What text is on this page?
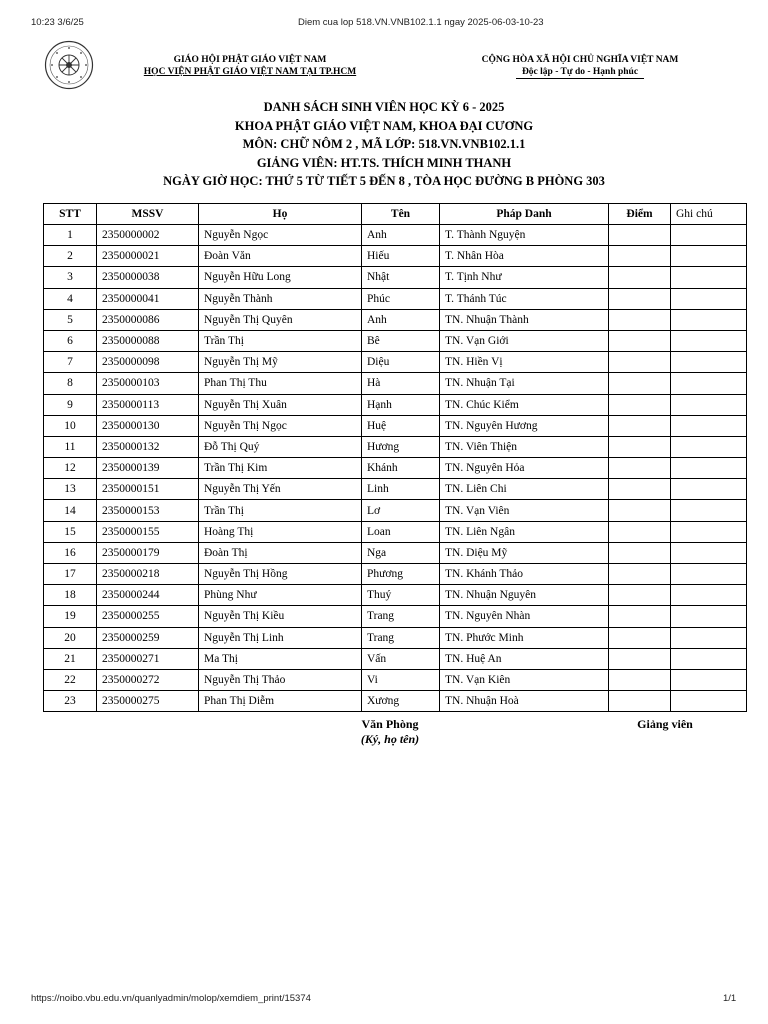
10:23 3/6/25	Diem cua lop 518.VN.VNB102.1.1 ngay 2025-06-03-10-23
GIÁO HỘI PHẬT GIÁO VIỆT NAM
HỌC VIỆN PHẬT GIÁO VIỆT NAM TẠI TP.HCM
CỘNG HÒA XÃ HỘI CHỦ NGHĨA VIỆT NAM
Độc lập - Tự do - Hạnh phúc
DANH SÁCH SINH VIÊN HỌC KỲ 6 - 2025
KHOA PHẬT GIÁO VIỆT NAM, KHOA ĐẠI CƯƠNG
MÔN: CHỮ NÔM 2 , MÃ LỚP: 518.VN.VNB102.1.1
GIẢNG VIÊN: HT.TS. THÍCH MINH THANH
NGÀY GIỜ HỌC: THỨ 5 TỪ TIẾT 5 ĐẾN 8 , TÒA HỌC ĐƯỜNG B PHÒNG 303
STT	MSSV	Họ	Tên	Pháp Danh	Điểm	Ghi chú
1	2350000002	Nguyễn Ngọc	Anh	T. Thành Nguyện		
2	2350000021	Đoàn Văn	Hiếu	T. Nhân Hòa		
3	2350000038	Nguyễn Hữu Long	Nhật	T. Tịnh Như		
4	2350000041	Nguyễn Thành	Phúc	T. Thánh Túc		
5	2350000086	Nguyễn Thị Quyên	Anh	TN. Nhuận Thành		
6	2350000088	Trần Thị	Bê	TN. Vạn Giới		
7	2350000098	Nguyễn Thị Mỹ	Diệu	TN. Hiền Vị		
8	2350000103	Phan Thị Thu	Hà	TN. Nhuận Tại		
9	2350000113	Nguyễn Thị Xuân	Hạnh	TN. Chúc Kiểm		
10	2350000130	Nguyễn Thị Ngọc	Huệ	TN. Nguyên Hương		
11	2350000132	Đỗ Thị Quý	Hương	TN. Viên Thiện		
12	2350000139	Trần Thị Kim	Khánh	TN. Nguyên Hỏa		
13	2350000151	Nguyễn Thị Yến	Linh	TN. Liên Chi		
14	2350000153	Trần Thị	Lơ	TN. Vạn Viên		
15	2350000155	Hoàng Thị	Loan	TN. Liên Ngân		
16	2350000179	Đoàn Thị	Nga	TN. Diệu Mỹ		
17	2350000218	Nguyễn Thị Hồng	Phương	TN. Khánh Thảo		
18	2350000244	Phùng Như	Thuý	TN. Nhuận Nguyên		
19	2350000255	Nguyễn Thị Kiều	Trang	TN. Nguyên Nhàn		
20	2350000259	Nguyễn Thị Linh	Trang	TN. Phước Minh		
21	2350000271	Ma Thị	Vấn	TN. Huệ An		
22	2350000272	Nguyễn Thị Thảo	Vi	TN. Vạn Kiên		
23	2350000275	Phan Thị Diễm	Xương	TN. Nhuận Hoà		
Văn Phòng
(Ký, họ tên)
Giảng viên
https://noibo.vbu.edu.vn/quanlyadmin/molop/xemdiem_print/15374	1/1
